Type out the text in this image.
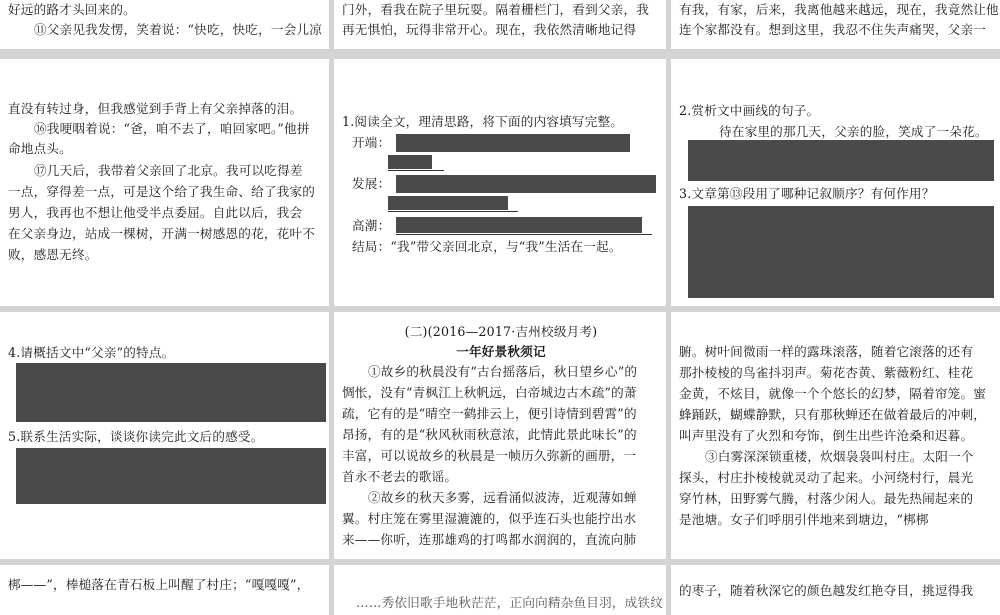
好远的路才头回来的。
⑪父亲见我发愣，笑着说：“快吃，快吃，一会儿凉
门外，看我在院子里玩耍。隔着栅栏门，看到父亲，我
再无惧怕，玩得非常开心。现在，我依然清晰地记得
有我，有家，后来，我离他越来越远，现在，我竟然让他
连个家都没有。想到这里，我忍不住失声痛哭，父亲一
直没有转过身，但我感觉到手背上有父亲掉落的泪。
⑯我哽咽着说：“爸，咱不去了，咱回家吧。”他拼
命地点头。
⑰几天后，我带着父亲回了北京。我可以吃得差
一点，穿得差一点，可是这个给了我生命、给了我家的
男人，我再也不想让他受半点委屈。自此以后，我会
在父亲身边，站成一棵树，开满一树感恩的花，花叶不
败，感恩无终。
1.阅读全文，理清思路，将下面的内容填写完整。
开端：
发展：
高潮：
结局：“我”带父亲回北京，与“我”生活在一起。
2.赏析文中画线的句子。
待在家里的那几天，父亲的脸，笑成了一朵花。
3.文章第⑬段用了哪种记叙顺序？有何作用？
4.请概括文中“父亲”的特点。
5.联系生活实际，谈谈你读完此文后的感受。
(二)(2016—2017·吉州校级月考)
一年好景秋须记
①故乡的秋晨没有“古台摇落后，秋日望乡心”的
惆怅，没有“青枫江上秋帆远，白帝城边古木疏”的萧
疏，它有的是“晴空一鹤排云上，便引诗情到碧霄”的
昂扬，有的是“秋风秋雨秋意浓，此情此景此味长”的
丰富，可以说故乡的秋晨是一帧历久弥新的画册，一
首永不老去的歌谣。
②故乡的秋天多雾，远看涌似波涛，近观薄如蝉
翼。村庄笼在雾里湿漉漉的，似乎连石头也能拧出水
来——你听，连那雄鸡的打鸣都水润润的，直流向肺
腑。树叶间微雨一样的露珠滚落，随着它滚落的还有
那扑棱棱的鸟雀抖羽声。菊花杏黄、紫薇粉红、桂花
金黄，不炫目，就像一个个悠长的幻梦，隔着帘笼。蜜
蜂踊跃，蝴蝶静默，只有那秋蝉还在做着最后的冲刺，
叫声里没有了火烈和夸饰，倒生出些许沧桑和迟暮。
③白雾深深锁重楼，炊烟袅袅叫村庄。太阳一个
探头，村庄扑棱棱就灵动了起来。小河绕村行，晨光
穿竹林，田野雾气腾，村落少闲人。最先热闹起来的
是池塘。女子们呼朋引伴地来到塘边，“梆梆
梆——”，棒槌落在青石板上叫醒了村庄；“嘎嘎嘎”，
……秀依旧歌手地秋茫茫，正向向精杂鱼目羽，成铁纹
的枣子，随着秋深它的颜色越发红艳夺目，挑逗得我
